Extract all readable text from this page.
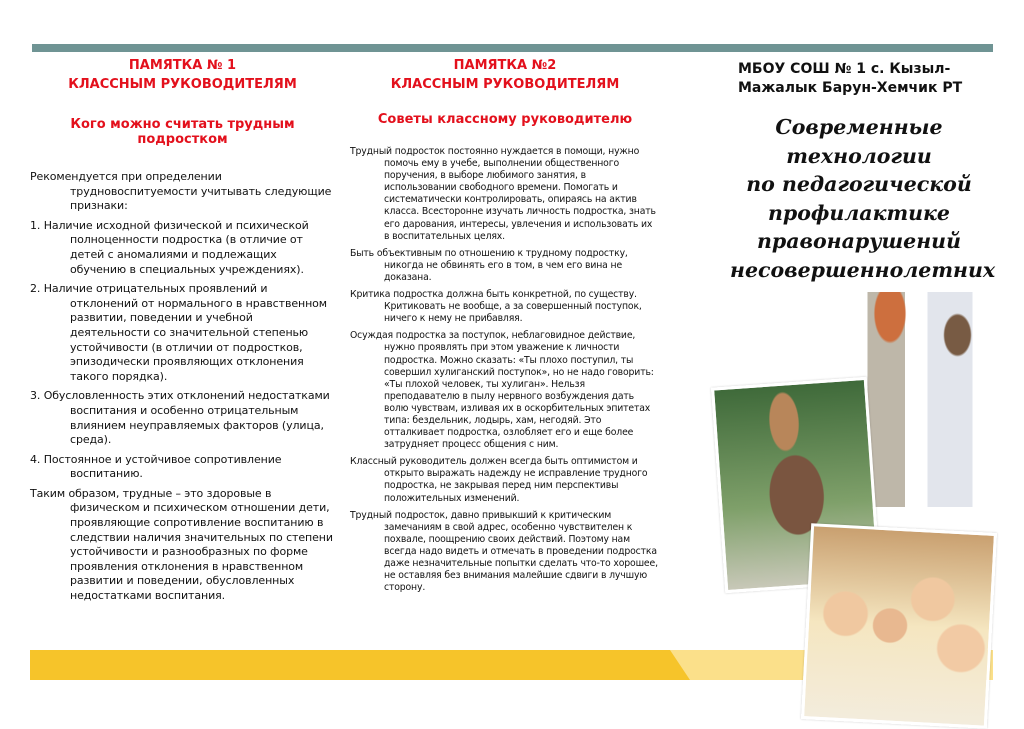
ПАМЯТКА № 1
КЛАССНЫМ РУКОВОДИТЕЛЯМ
Кого можно считать трудным подростком

Рекомендуется при определении трудновоспитуемости учитывать следующие признаки:

1. Наличие исходной физической и психической полноценности подростка (в отличие от детей с аномалиями и подлежащих обучению в специальных учреждениях).

2. Наличие отрицательных проявлений и отклонений от нормального в нравственном развитии, поведении и учебной деятельности со значительной степенью устойчивости (в отличии от подростков, эпизодически проявляющих отклонения такого порядка).

3. Обусловленность этих отклонений недостатками воспитания и особенно отрицательным влиянием неуправляемых факторов (улица, среда).

4. Постоянное и устойчивое сопротивление воспитанию.

Таким образом, трудные – это здоровые в физическом и психическом отношении дети, проявляющие сопротивление воспитанию в следствии наличия значительных по степени устойчивости и разнообразных по форме проявления отклонения в нравственном развитии и поведении, обусловленных недостатками воспитания.

ПАМЯТКА №2
КЛАССНЫМ РУКОВОДИТЕЛЯМ
Советы классному руководителю

Трудный подросток постоянно нуждается в помощи, нужно помочь ему в учебе, выполнении общественного поручения, в выборе любимого занятия, в использовании свободного времени. Помогать и систематически контролировать, опираясь на актив класса. Всесторонне изучать личность подростка, знать его дарования, интересы, увлечения и использовать их в воспитательных целях.

Быть объективным по отношению к трудному подростку, никогда не обвинять его в том, в чем его вина не доказана.

Критика подростка должна быть конкретной, по существу. Критиковать не вообще, а за совершенный поступок, ничего к нему не прибавляя.

Осуждая подростка за поступок, неблаговидное действие, нужно проявлять при этом уважение к личности подростка. Можно сказать: «Ты плохо поступил, ты совершил хулиганский поступок», но не надо говорить: «Ты плохой человек, ты хулиган». Нельзя преподавателю в пылу нервного возбуждения дать волю чувствам, изливая их в оскорбительных эпитетах типа: бездельник, лодырь, хам, негодяй. Это отталкивает подростка, озлобляет его и еще более затрудняет процесс общения с ним.

Классный руководитель должен всегда быть оптимистом и открыто выражать надежду не исправление трудного подростка, не закрывая перед ним перспективы положительных изменений.

Трудный подросток, давно привыкший к критическим замечаниям в свой адрес, особенно чувствителен к похвале, поощрению своих действий. Поэтому нам всегда надо видеть и отмечать в проведении подростка даже незначительные попытки сделать что-то хорошее, не оставляя без внимания малейшие сдвиги в лучшую сторону.

МБОУ СОШ № 1 с. Кызыл-
Мажалык Барун-Хемчик РТ
Современные
технологии
по педагогической
профилактике
правонарушений
несовершеннолетних
